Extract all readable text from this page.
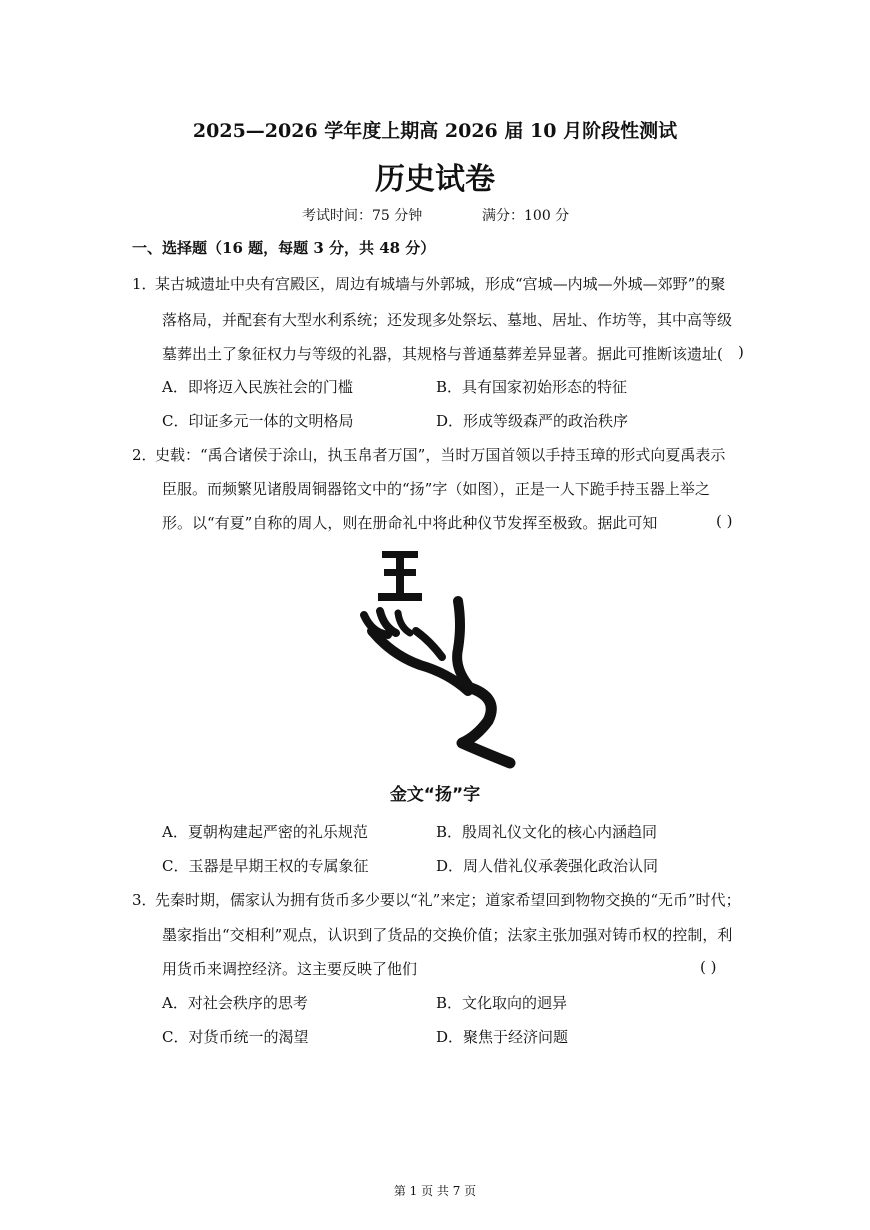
2025—2026 学年度上期高 2026 届 10 月阶段性测试
历史试卷
考试时间：75 分钟	满分：100 分
一、选择题（16 题，每题 3 分，共 48 分）
1．
某古城遗址中央有宫殿区，周边有城墙与外郭城，形成“宫城—内城—外城—郊野”的聚
落格局，并配套有大型水利系统；还发现多处祭坛、墓地、居址、作坊等，其中高等级
墓葬出土了象征权力与等级的礼器，其规格与普通墓葬差异显著。据此可推断该遗址( )
A．即将迈入民族社会的门槛	B．具有国家初始形态的特征
C．印证多元一体的文明格局	D．形成等级森严的政治秩序
2．
史载：“禹合诸侯于涂山，执玉帛者万国”，当时万国首领以手持玉璋的形式向夏禹表示
臣服。而频繁见诸殷周铜器铭文中的“扬”字（如图），正是一人下跪手持玉器上举之
形。以“有夏”自称的周人，则在册命礼中将此种仪节发挥至极致。据此可知	( )
金文“扬”字
A．夏朝构建起严密的礼乐规范	B．殷周礼仪文化的核心内涵趋同
C．玉器是早期王权的专属象征	D．周人借礼仪承袭强化政治认同
3．
先秦时期，儒家认为拥有货币多少要以“礼”来定；道家希望回到物物交换的“无币”时代；
墨家指出“交相利”观点，认识到了货品的交换价值；法家主张加强对铸币权的控制，利
用货币来调控经济。这主要反映了他们	( )
A．对社会秩序的思考	B．文化取向的迥异
C．对货币统一的渴望	D．聚焦于经济问题
第 1 页 共 7 页
